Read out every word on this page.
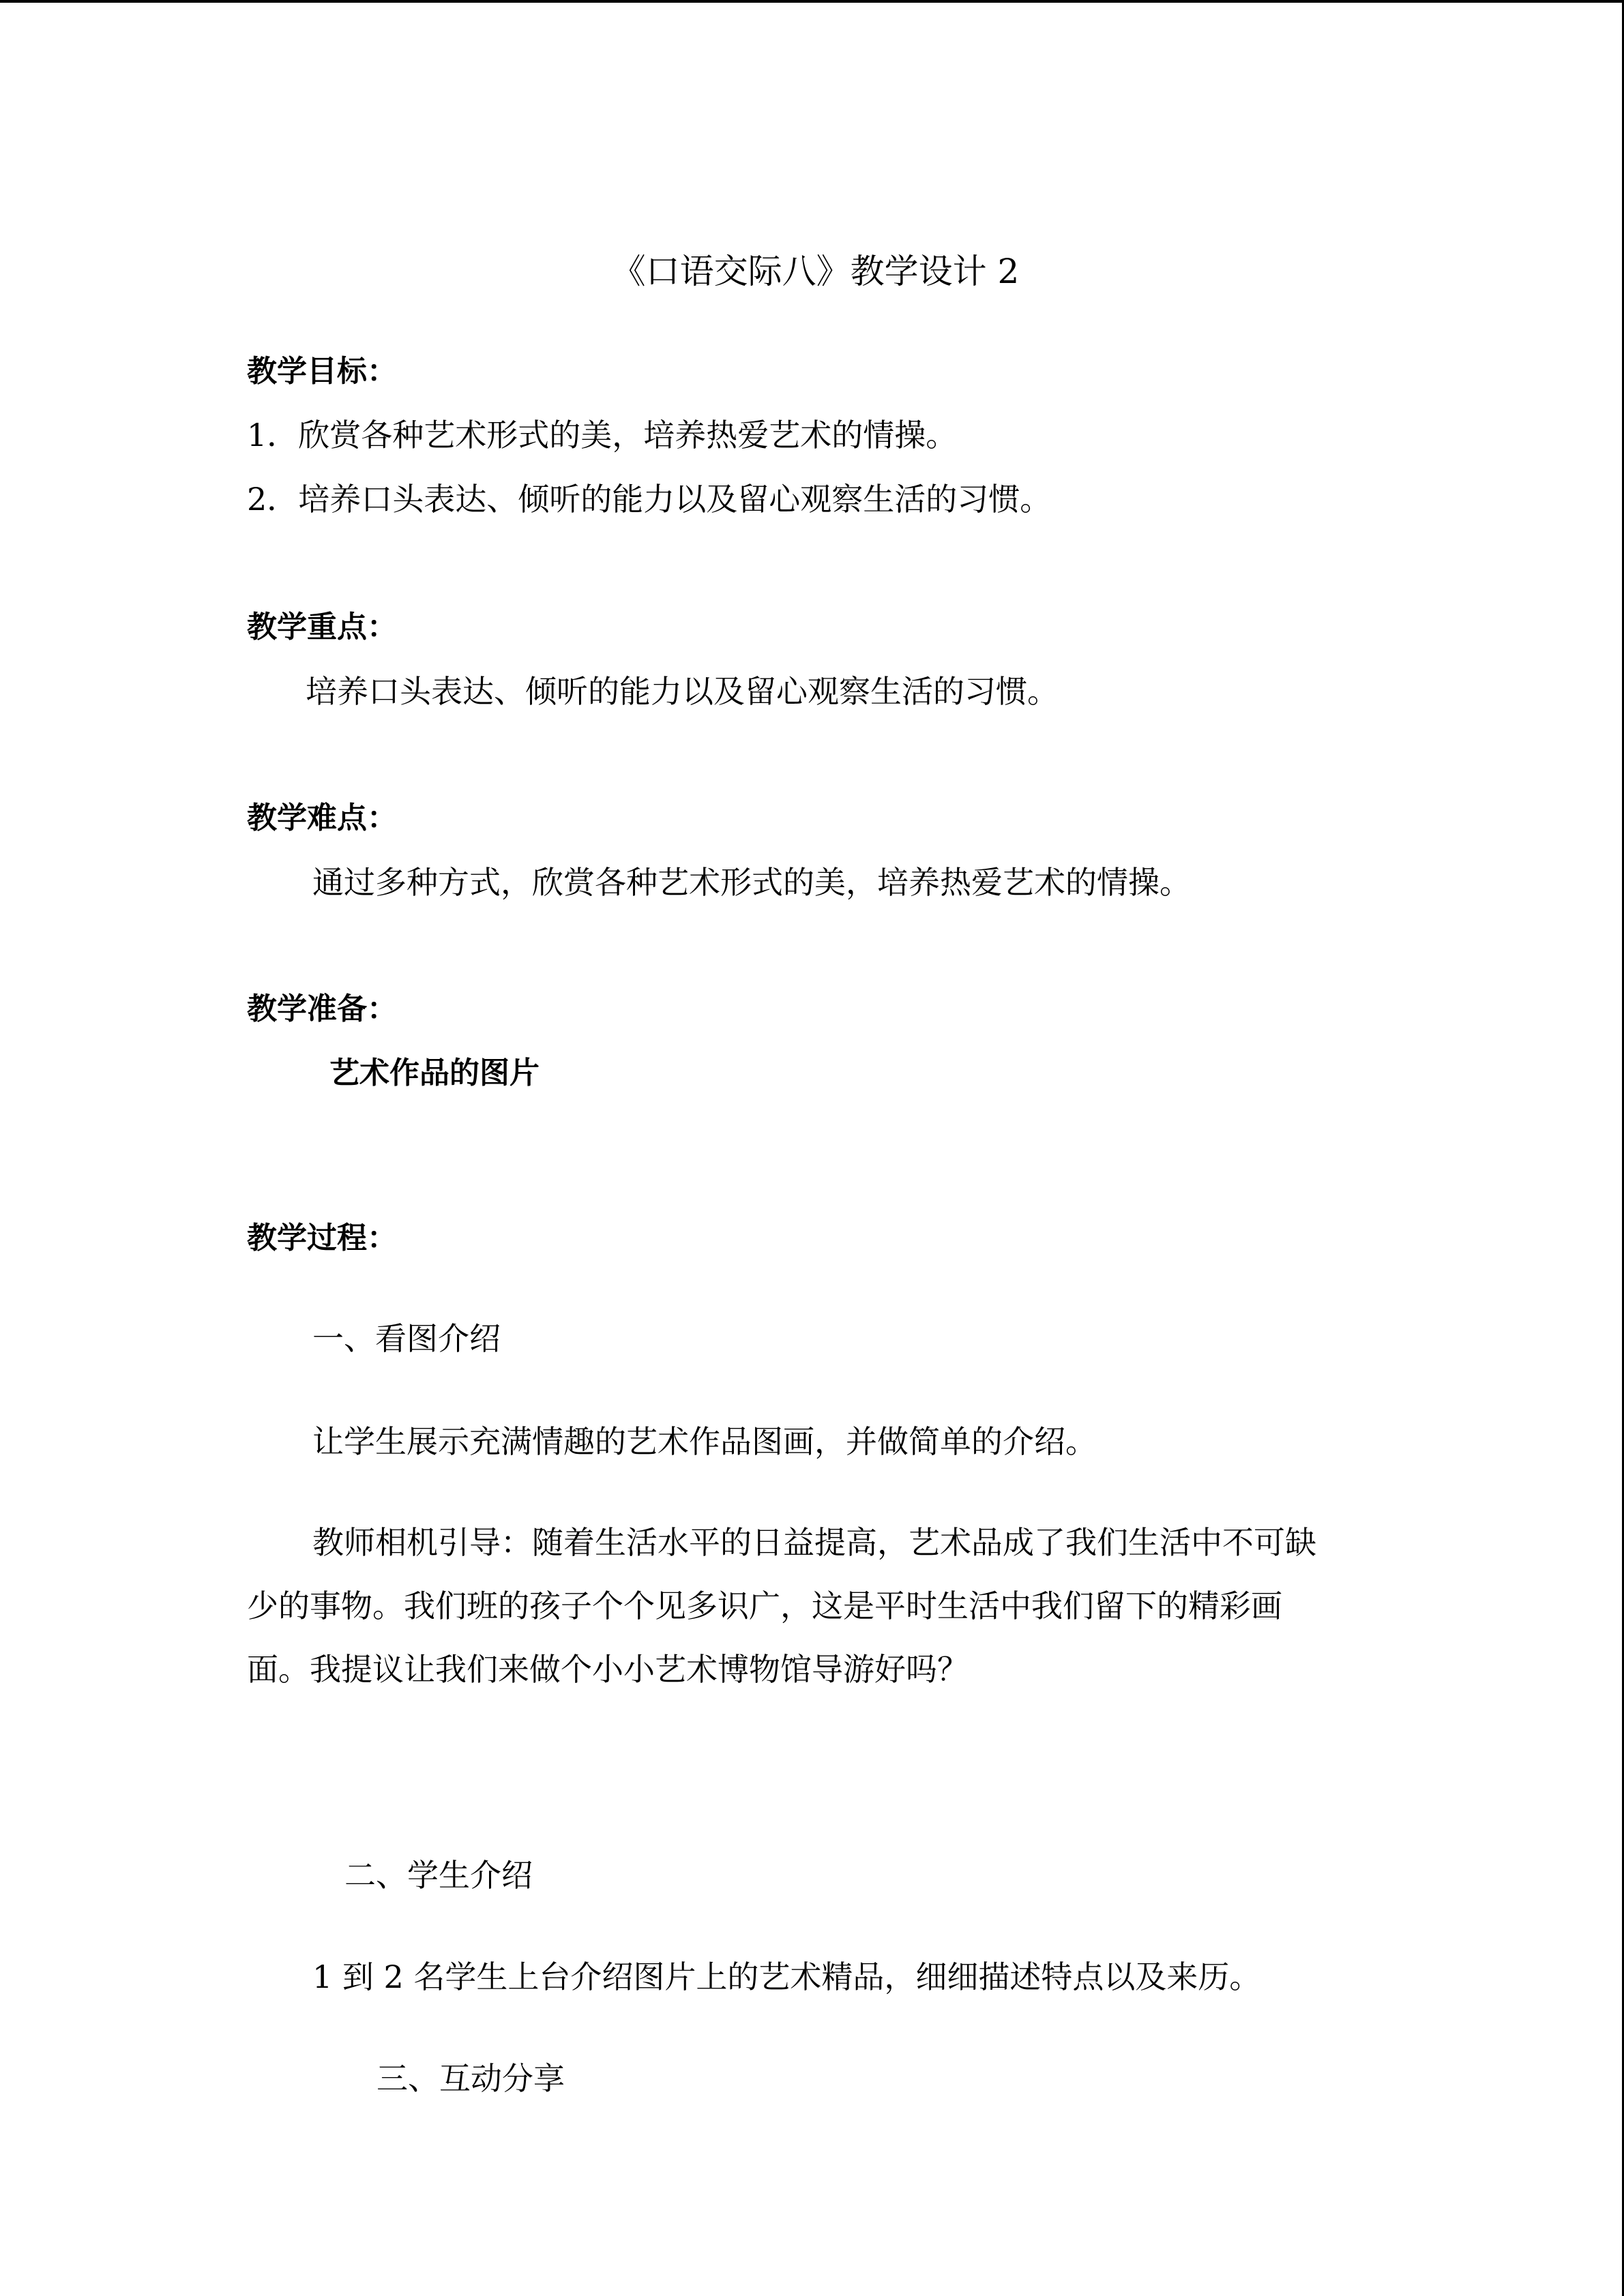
《口语交际八》教学设计 2
教学目标：
1．欣赏各种艺术形式的美，培养热爱艺术的情操。
2．培养口头表达、倾听的能力以及留心观察生活的习惯。
教学重点：
培养口头表达、倾听的能力以及留心观察生活的习惯。
教学难点：
通过多种方式，欣赏各种艺术形式的美，培养热爱艺术的情操。
教学准备：
艺术作品的图片
教学过程：
一、看图介绍
让学生展示充满情趣的艺术作品图画，并做简单的介绍。
教师相机引导：随着生活水平的日益提高，艺术品成了我们生活中不可缺
少的事物。我们班的孩子个个见多识广，这是平时生活中我们留下的精彩画
面。我提议让我们来做个小小艺术博物馆导游好吗？
二、学生介绍
1 到 2 名学生上台介绍图片上的艺术精品，细细描述特点以及来历。
三、互动分享
